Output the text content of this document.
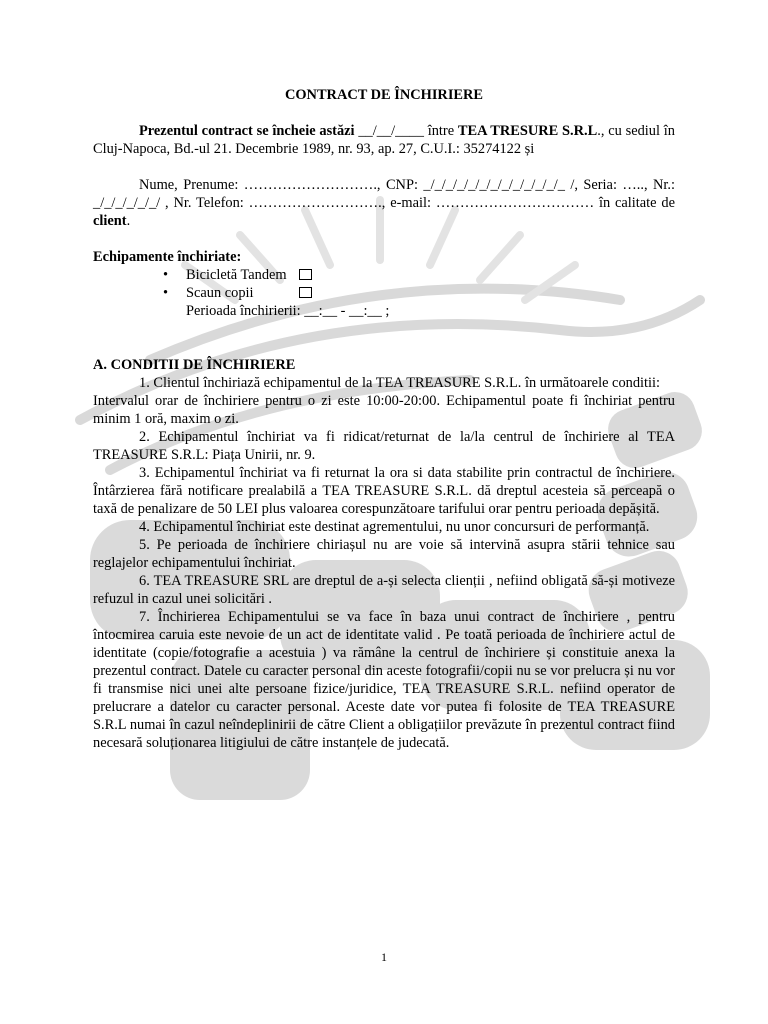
CONTRACT DE ÎNCHIRIERE

Prezentul contract se încheie astăzi __/__/____ între TEA TRESURE S.R.L., cu sediul în Cluj-Napoca, Bd.-ul 21. Decembrie 1989, nr. 93, ap. 27, C.U.I.: 35274122 și

Nume, Prenume: ………………………., CNP: _/_/_/_/_/_/_/_/_/_/_/_/_ /, Seria: ….., Nr.: _/_/_/_/_/_/ , Nr. Telefon: ………………………., e-mail: …………………………… în calitate de client.

Echipamente închiriate:

• Bicicletă Tandem
• Scaun copii

Perioada închirierii: __:__ - __:__ ;

A. CONDITII DE ÎNCHIRIERE

1. Clientul închiriază echipamentul de la TEA TREASURE S.R.L. în următoarele conditii:

Intervalul orar de închiriere pentru o zi este 10:00-20:00. Echipamentul poate fi închiriat pentru minim 1 oră, maxim o zi.

2. Echipamentul închiriat va fi ridicat/returnat de la/la centrul de închiriere al TEA TREASURE S.R.L: Piața Unirii, nr. 9.

3. Echipamentul închiriat va fi returnat la ora si data stabilite prin contractul de închiriere. Întârzierea fără notificare prealabilă a TEA TREASURE S.R.L. dă dreptul acesteia să perceapă o taxă de penalizare de 50 LEI plus valoarea corespunzătoare tarifului orar pentru perioada depășită.

4. Echipamentul închiriat este destinat agrementului, nu unor concursuri de performanță.

5. Pe perioada de închiriere chiriașul nu are voie să intervină asupra stării tehnice sau reglajelor echipamentului închiriat.

6. TEA TREASURE SRL are dreptul de a-și selecta clienții , nefiind obligată să-și motiveze refuzul in cazul unei solicitări .

7. Închirierea Echipamentului se va face în baza unui contract de închiriere , pentru întocmirea caruia este nevoie de un act de identitate valid . Pe toată perioada de închiriere actul de identitate (copie/fotografie a acestuia ) va rămâne la centrul de închiriere și constituie anexa la prezentul contract. Datele cu caracter personal din aceste fotografii/copii nu se vor prelucra și nu vor fi transmise nici unei alte persoane fizice/juridice, TEA TREASURE S.R.L. nefiind operator de prelucrare a datelor cu caracter personal. Aceste date vor putea fi folosite de TEA TREASURE S.R.L numai în cazul neîndeplinirii de către Client a obligațiilor prevăzute în prezentul contract fiind necesară soluționarea litigiului de către instanțele de judecată.

1
